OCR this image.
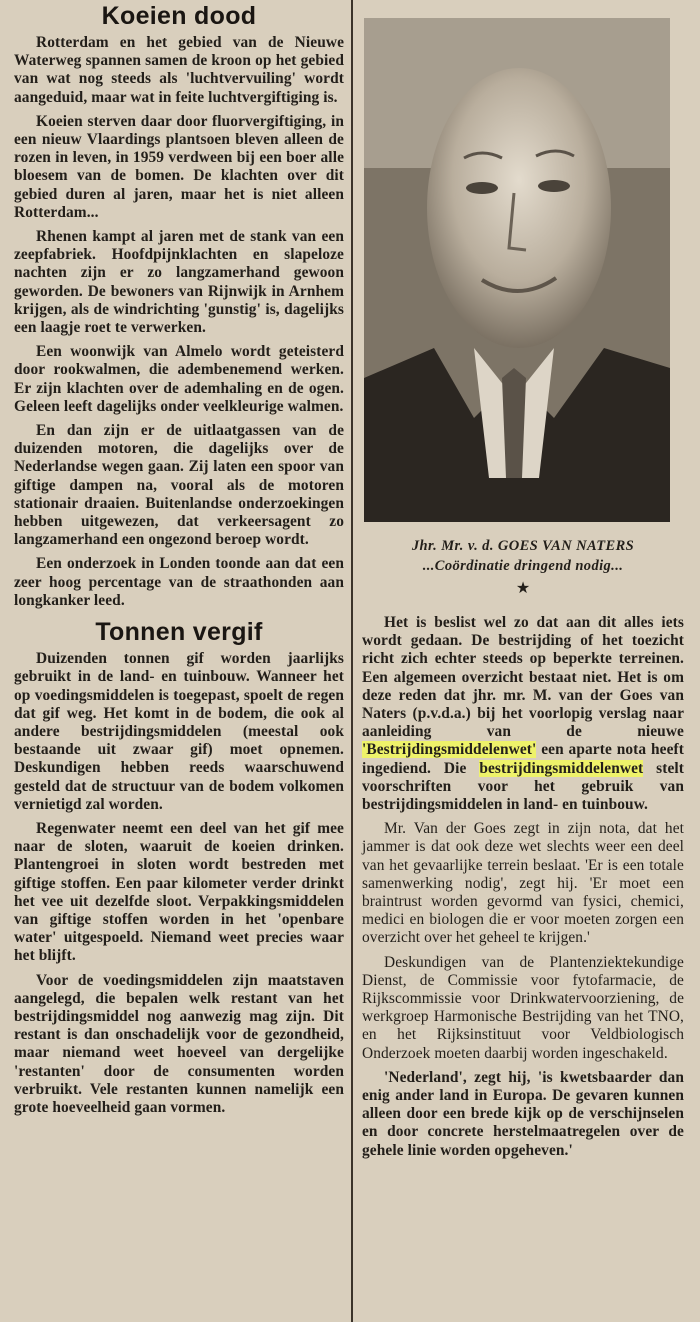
Koeien dood

Rotterdam en het gebied van de Nieuwe Waterweg spannen samen de kroon op het gebied van wat nog steeds als 'luchtvervuiling' wordt aangeduid, maar wat in feite luchtvergiftiging is.

Koeien sterven daar door fluorvergiftiging, in een nieuw Vlaardings plantsoen bleven alleen de rozen in leven, in 1959 verdween bij een boer alle bloesem van de bomen. De klachten over dit gebied duren al jaren, maar het is niet alleen Rotterdam...

Rhenen kampt al jaren met de stank van een zeepfabriek. Hoofdpijnklachten en slapeloze nachten zijn er zo langzamerhand gewoon geworden. De bewoners van Rijnwijk in Arnhem krijgen, als de windrichting 'gunstig' is, dagelijks een laagje roet te verwerken.

Een woonwijk van Almelo wordt geteisterd door rookwalmen, die adembenemend werken. Er zijn klachten over de ademhaling en de ogen. Geleen leeft dagelijks onder veelkleurige walmen.

En dan zijn er de uitlaatgassen van de duizenden motoren, die dagelijks over de Nederlandse wegen gaan. Zij laten een spoor van giftige dampen na, vooral als de motoren stationair draaien. Buitenlandse onderzoekingen hebben uitgewezen, dat verkeersagent zo langzamerhand een ongezond beroep wordt.

Een onderzoek in Londen toonde aan dat een zeer hoog percentage van de straathonden aan longkanker leed.

Tonnen vergif

Duizenden tonnen gif worden jaarlijks gebruikt in de land- en tuinbouw. Wanneer het op voedingsmiddelen is toegepast, spoelt de regen dat gif weg. Het komt in de bodem, die ook al andere bestrijdingsmiddelen (meestal ook bestaande uit zwaar gif) moet opnemen. Deskundigen hebben reeds waarschuwend gesteld dat de structuur van de bodem volkomen vernietigd zal worden.

Regenwater neemt een deel van het gif mee naar de sloten, waaruit de koeien drinken. Plantengroei in sloten wordt bestreden met giftige stoffen. Een paar kilometer verder drinkt het vee uit dezelfde sloot. Verpakkingsmiddelen van giftige stoffen worden in het 'openbare water' uitgespoeld. Niemand weet precies waar het blijft.

Voor de voedingsmiddelen zijn maatstaven aangelegd, die bepalen welk restant van het bestrijdingsmiddel nog aanwezig mag zijn. Dit restant is dan onschadelijk voor de gezondheid, maar niemand weet hoeveel van dergelijke 'restanten' door de consumenten worden verbruikt. Vele restanten kunnen namelijk een grote hoeveelheid gaan vormen.

Jhr. Mr. v. d. GOES VAN NATERS
...Coördinatie dringend nodig...
★

Het is beslist wel zo dat aan dit alles iets wordt gedaan. De bestrijding of het toezicht richt zich echter steeds op beperkte terreinen. Een algemeen overzicht bestaat niet. Het is om deze reden dat jhr. mr. M. van der Goes van Naters (p.v.d.a.) bij het voorlopig verslag naar aanleiding van de nieuwe 'Bestrijdingsmiddelenwet' een aparte nota heeft ingediend. Die bestrijdingsmiddelenwet stelt voorschriften voor het gebruik van bestrijdingsmiddelen in land- en tuinbouw.

Mr. Van der Goes zegt in zijn nota, dat het jammer is dat ook deze wet slechts weer een deel van het gevaarlijke terrein beslaat. 'Er is een totale samenwerking nodig', zegt hij. 'Er moet een braintrust worden gevormd van fysici, chemici, medici en biologen die er voor moeten zorgen een overzicht over het geheel te krijgen.'

Deskundigen van de Plantenziektekundige Dienst, de Commissie voor fytofarmacie, de Rijkscommissie voor Drinkwatervoorziening, de werkgroep Harmonische Bestrijding van het TNO, en het Rijksinstituut voor Veldbiologisch Onderzoek moeten daarbij worden ingeschakeld.

'Nederland', zegt hij, 'is kwetsbaarder dan enig ander land in Europa. De gevaren kunnen alleen door een brede kijk op de verschijnselen en door concrete herstelmaatregelen over de gehele linie worden opgeheven.'
